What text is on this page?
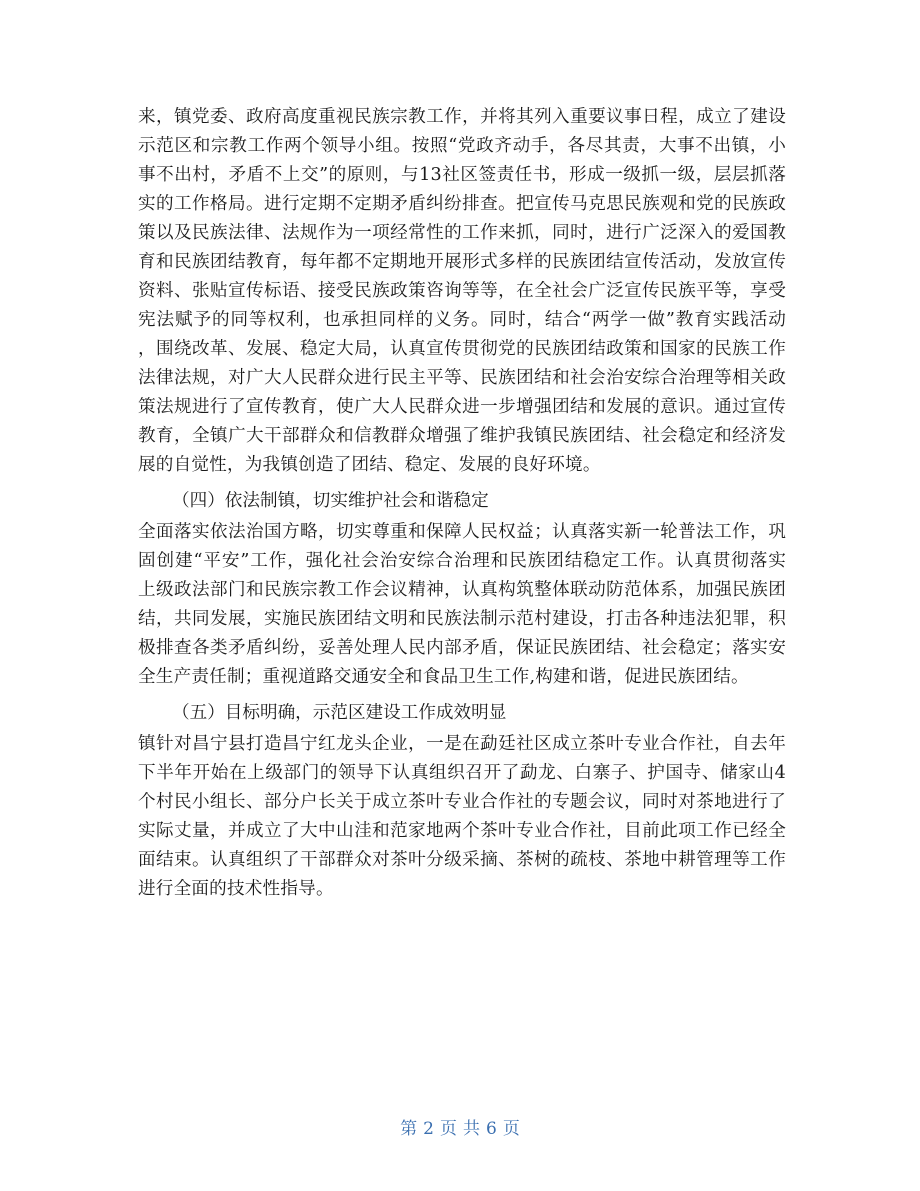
来，镇党委、政府高度重视民族宗教工作，并将其列入重要议事日程，成立了建设
示范区和宗教工作两个领导小组。按照“党政齐动手，各尽其责，大事不出镇，小
事不出村，矛盾不上交”的原则，与13社区签责任书，形成一级抓一级，层层抓落
实的工作格局。进行定期不定期矛盾纠纷排查。把宣传马克思民族观和党的民族政
策以及民族法律、法规作为一项经常性的工作来抓，同时，进行广泛深入的爱国教
育和民族团结教育，每年都不定期地开展形式多样的民族团结宣传活动，发放宣传
资料、张贴宣传标语、接受民族政策咨询等等，在全社会广泛宣传民族平等，享受
宪法赋予的同等权利，也承担同样的义务。同时，结合“两学一做”教育实践活动
，围绕改革、发展、稳定大局，认真宣传贯彻党的民族团结政策和国家的民族工作
法律法规，对广大人民群众进行民主平等、民族团结和社会治安综合治理等相关政
策法规进行了宣传教育，使广大人民群众进一步增强团结和发展的意识。通过宣传
教育，全镇广大干部群众和信教群众增强了维护我镇民族团结、社会稳定和经济发
展的自觉性，为我镇创造了团结、稳定、发展的良好环境。
（四）依法制镇，切实维护社会和谐稳定
全面落实依法治国方略，切实尊重和保障人民权益；认真落实新一轮普法工作，巩
固创建“平安”工作，强化社会治安综合治理和民族团结稳定工作。认真贯彻落实
上级政法部门和民族宗教工作会议精神，认真构筑整体联动防范体系，加强民族团
结，共同发展，实施民族团结文明和民族法制示范村建设，打击各种违法犯罪，积
极排查各类矛盾纠纷，妥善处理人民内部矛盾，保证民族团结、社会稳定；落实安
全生产责任制；重视道路交通安全和食品卫生工作,构建和谐，促进民族团结。
（五）目标明确，示范区建设工作成效明显
镇针对昌宁县打造昌宁红龙头企业，一是在勐廷社区成立茶叶专业合作社，自去年
下半年开始在上级部门的领导下认真组织召开了勐龙、白寨子、护国寺、储家山4
个村民小组长、部分户长关于成立茶叶专业合作社的专题会议，同时对茶地进行了
实际丈量，并成立了大中山洼和范家地两个茶叶专业合作社，目前此项工作已经全
面结束。认真组织了干部群众对茶叶分级采摘、茶树的疏枝、茶地中耕管理等工作
进行全面的技术性指导。
第 2 页 共 6 页
